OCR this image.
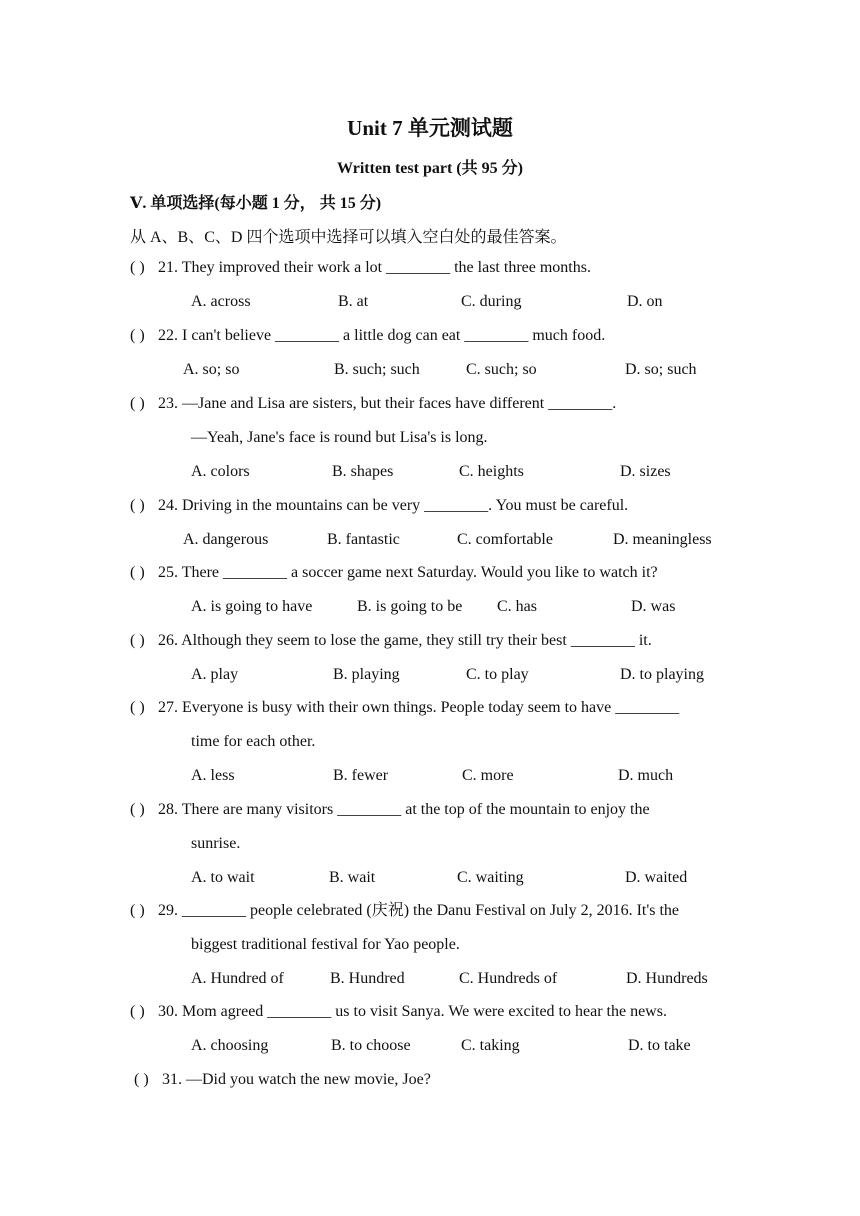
Unit 7 单元测试题
Written test part (共 95 分)
Ⅴ. 单项选择(每小题 1 分， 共 15 分)
从 A、B、C、D 四个选项中选择可以填入空白处的最佳答案。
( ) 21. They improved their work a lot ________ the last three months.
A. across	B. at	C. during	D. on
( ) 22. I can't believe ________ a little dog can eat ________ much food.
A. so; so	B. such; such	C. such; so	D. so; such
( ) 23. —Jane and Lisa are sisters, but their faces have different ________.
—Yeah, Jane's face is round but Lisa's is long.
A. colors	B. shapes	C. heights	D. sizes
( ) 24. Driving in the mountains can be very ________. You must be careful.
A. dangerous	B. fantastic	C. comfortable	D. meaningless
( ) 25. There ________ a soccer game next Saturday. Would you like to watch it?
A. is going to have	B. is going to be C. has	D. was
( ) 26. Although they seem to lose the game, they still try their best ________ it.
A. play	B. playing	C. to play	D. to playing
( ) 27. Everyone is busy with their own things. People today seem to have ________
time for each other.
A. less	B. fewer	C. more	D. much
( ) 28. There are many visitors ________ at the top of the mountain to enjoy the
sunrise.
A. to wait	B. wait	C. waiting	D. waited
( ) 29. ________ people celebrated (庆祝) the Danu Festival on July 2, 2016. It's the
biggest traditional festival for Yao people.
A. Hundred of	B. Hundred	C. Hundreds of	D. Hundreds
( ) 30. Mom agreed ________ us to visit Sanya. We were excited to hear the news.
A. choosing	B. to choose	C. taking	D. to take
( ) 31. —Did you watch the new movie, Joe?
